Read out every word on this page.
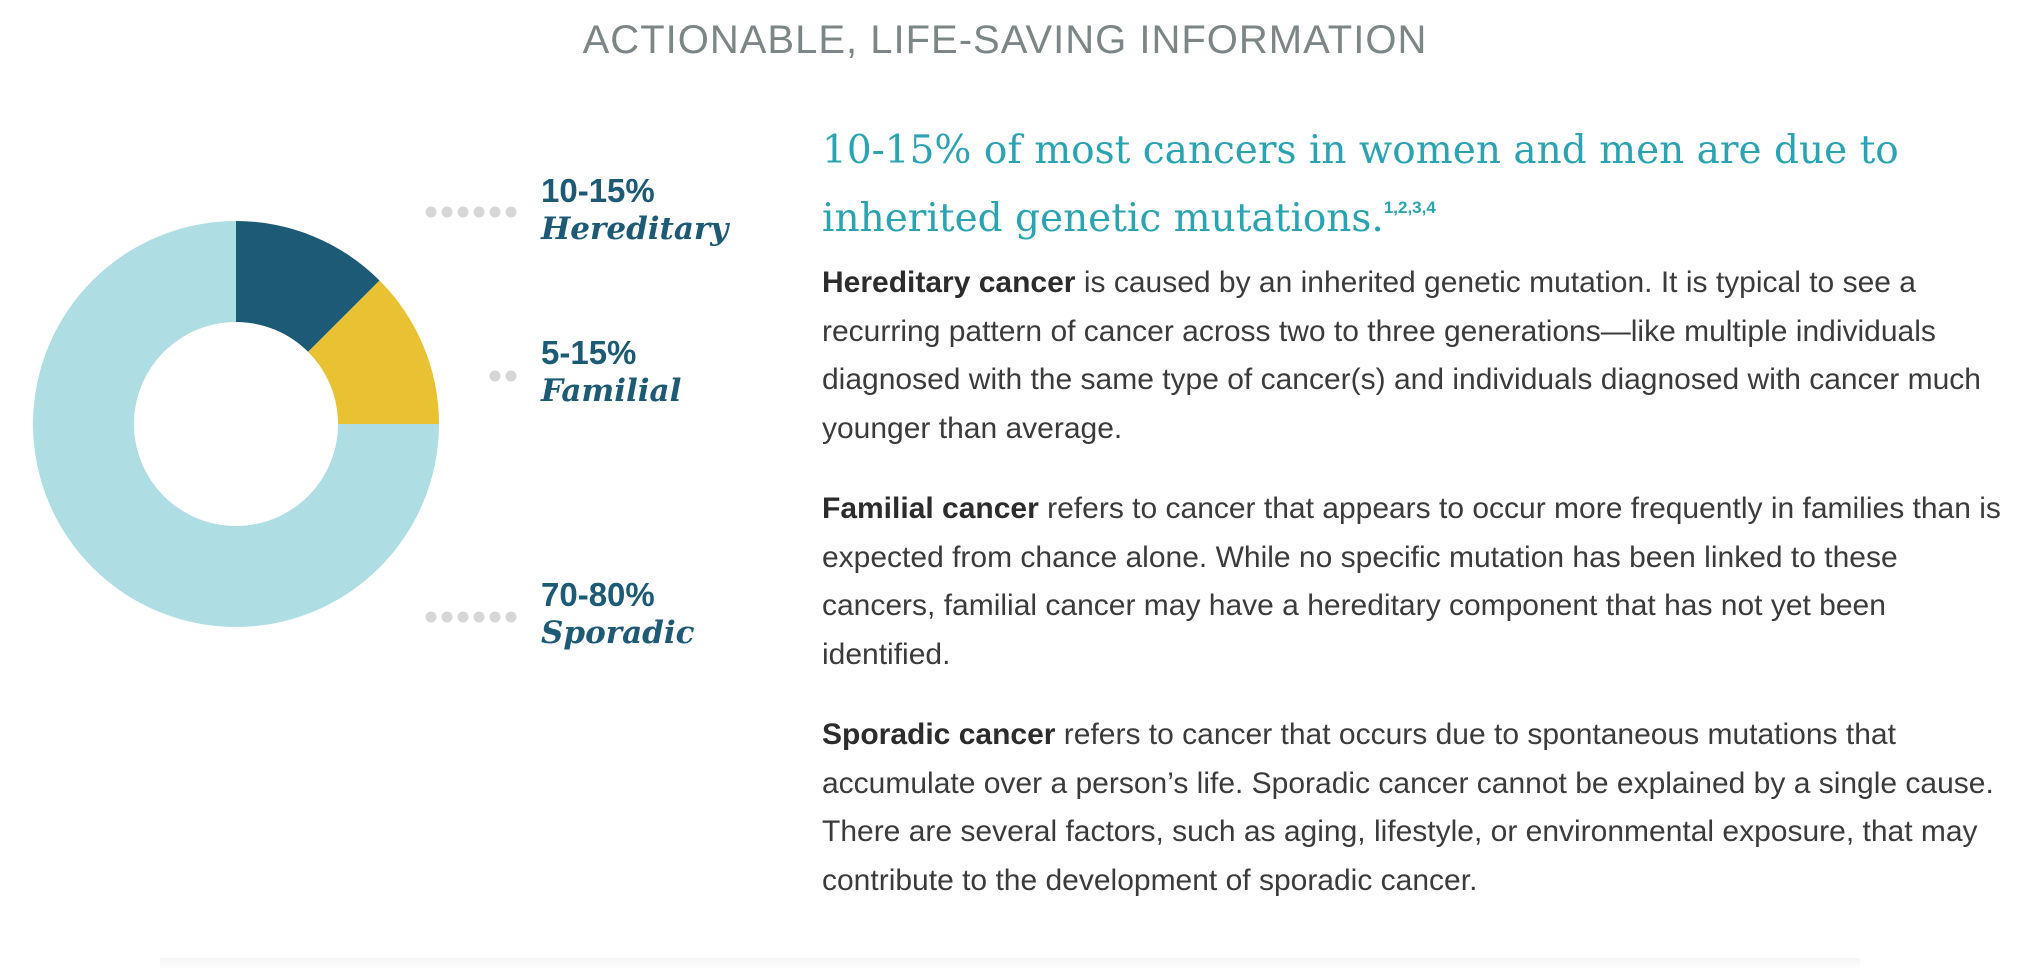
ACTIONABLE, LIFE-SAVING INFORMATION
10-15%
Hereditary
5-15%
Familial
70-80%
Sporadic
10-15% of most cancers in women and men are due to inherited genetic mutations.$^{1,2,3,4}$

Hereditary cancer is caused by an inherited genetic mutation. It is typical to see a recurring pattern of cancer across two to three generations—like multiple individuals diagnosed with the same type of cancer(s) and individuals diagnosed with cancer much younger than average.

Familial cancer refers to cancer that appears to occur more frequently in families than is expected from chance alone. While no specific mutation has been linked to these cancers, familial cancer may have a hereditary component that has not yet been identified.

Sporadic cancer refers to cancer that occurs due to spontaneous mutations that accumulate over a person’s life. Sporadic cancer cannot be explained by a single cause. There are several factors, such as aging, lifestyle, or environmental exposure, that may contribute to the development of sporadic cancer.
